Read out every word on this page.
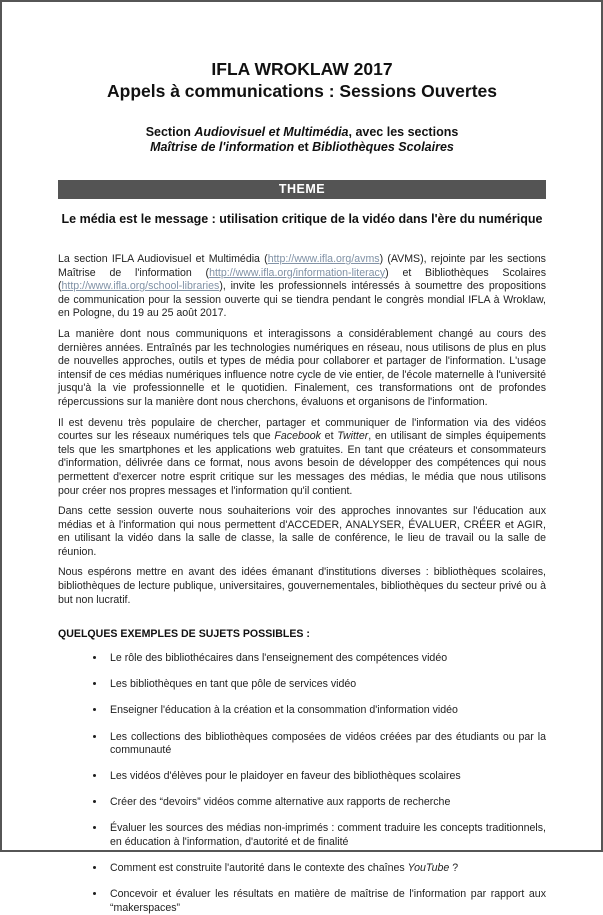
IFLA WROKLAW 2017
Appels à communications : Sessions Ouvertes
Section Audiovisuel et Multimédia, avec les sections
Maîtrise de l'information et Bibliothèques Scolaires
THEME
Le média est le message : utilisation critique de la vidéo dans l'ère du numérique

La section IFLA Audiovisuel et Multimédia (http://www.ifla.org/avms) (AVMS), rejointe par les sections Maîtrise de l'information (http://www.ifla.org/information-literacy) et Bibliothèques Scolaires (http://www.ifla.org/school-libraries), invite les professionnels intéressés à soumettre des propositions de communication pour la session ouverte qui se tiendra pendant le congrès mondial IFLA à Wroklaw, en Pologne, du 19 au 25 août 2017.

La manière dont nous communiquons et interagissons a considérablement changé au cours des dernières années. Entraînés par les technologies numériques en réseau, nous utilisons de plus en plus de nouvelles approches, outils et types de média pour collaborer et partager de l'information. L'usage intensif de ces médias numériques influence notre cycle de vie entier, de l'école maternelle à l'université jusqu'à la vie professionnelle et le quotidien. Finalement, ces transformations ont de profondes répercussions sur la manière dont nous cherchons, évaluons et organisons de l'information.

Il est devenu très populaire de chercher, partager et communiquer de l'information via des vidéos courtes sur les réseaux numériques tels que Facebook et Twitter, en utilisant de simples équipements tels que les smartphones et les applications web gratuites. En tant que créateurs et consommateurs d'information, délivrée dans ce format, nous avons besoin de développer des compétences qui nous permettent d'exercer notre esprit critique sur les messages des médias, le média que nous utilisons pour créer nos propres messages et l'information qu'il contient.

Dans cette session ouverte nous souhaiterions voir des approches innovantes sur l'éducation aux médias et à l'information qui nous permettent d'ACCEDER, ANALYSER, ÉVALUER, CRÉER et AGIR, en utilisant la vidéo dans la salle de classe, la salle de conférence, le lieu de travail ou la salle de réunion.

Nous espérons mettre en avant des idées émanant d'institutions diverses : bibliothèques scolaires, bibliothèques de lecture publique, universitaires, gouvernementales, bibliothèques du secteur privé ou à but non lucratif.

QUELQUES EXEMPLES DE SUJETS POSSIBLES :
• Le rôle des bibliothécaires dans l'enseignement des compétences vidéo
• Les bibliothèques en tant que pôle de services vidéo
• Enseigner l'éducation à la création et la consommation d'information vidéo
• Les collections des bibliothèques composées de vidéos créées par des étudiants ou par la communauté
• Les vidéos d'élèves pour le plaidoyer en faveur des bibliothèques scolaires
• Créer des “devoirs” vidéos comme alternative aux rapports de recherche
• Évaluer les sources des médias non-imprimés : comment traduire les concepts traditionnels, en éducation à l'information, d'autorité et de finalité
• Comment est construite l'autorité dans le contexte des chaînes YouTube ?
• Concevoir et évaluer les résultats en matière de maîtrise de l'information par rapport aux “makerspaces”
